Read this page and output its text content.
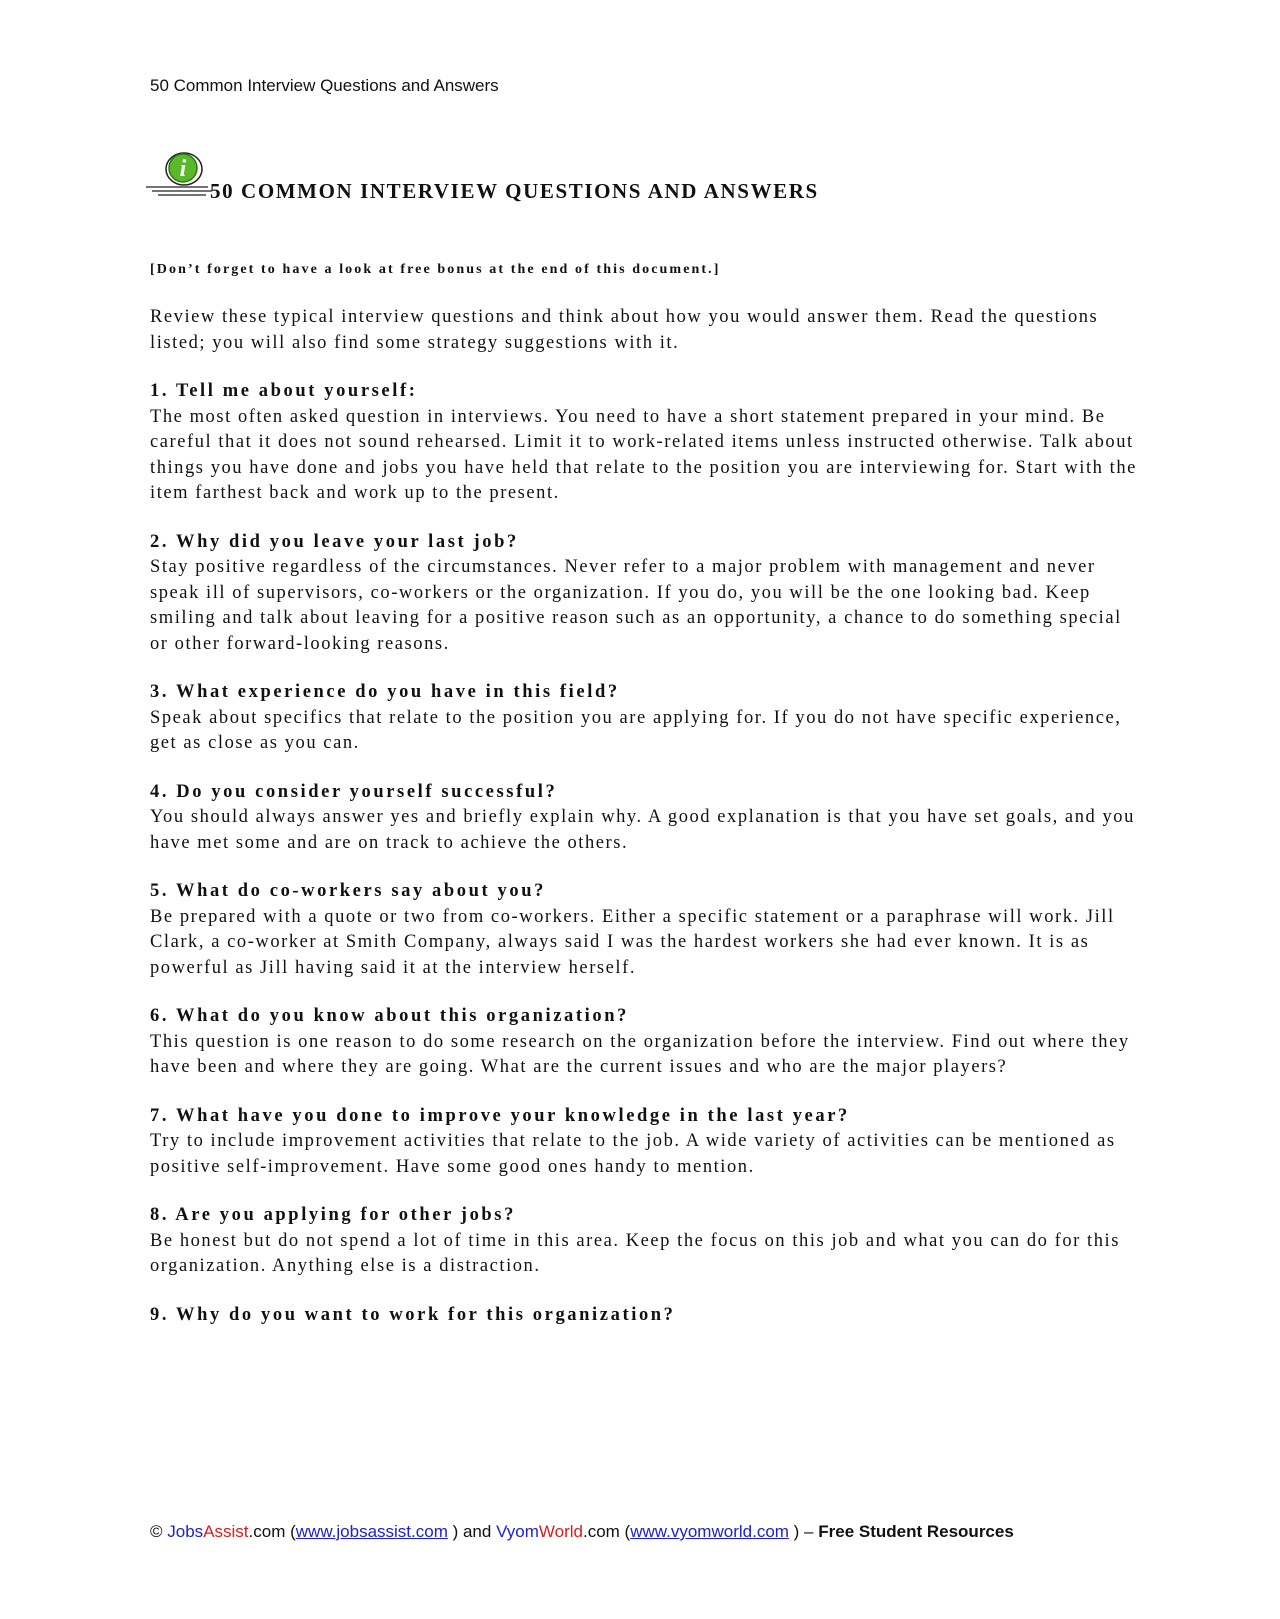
50 Common Interview Questions and Answers
i
50 COMMON INTERVIEW QUESTIONS AND ANSWERS
[Don’t forget to have a look at free bonus at the end of this document.]

Review these typical interview questions and think about how you would answer them. Read the questions listed; you will also find some strategy suggestions with it.

1. Tell me about yourself:

The most often asked question in interviews. You need to have a short statement prepared in your mind. Be careful that it does not sound rehearsed. Limit it to work-related items unless instructed otherwise. Talk about things you have done and jobs you have held that relate to the position you are interviewing for. Start with the item farthest back and work up to the present.

2. Why did you leave your last job?

Stay positive regardless of the circumstances. Never refer to a major problem with management and never speak ill of supervisors, co-workers or the organization. If you do, you will be the one looking bad. Keep smiling and talk about leaving for a positive reason such as an opportunity, a chance to do something special or other forward-looking reasons.

3. What experience do you have in this field?

Speak about specifics that relate to the position you are applying for. If you do not have specific experience, get as close as you can.

4. Do you consider yourself successful?

You should always answer yes and briefly explain why. A good explanation is that you have set goals, and you have met some and are on track to achieve the others.

5. What do co-workers say about you?

Be prepared with a quote or two from co-workers. Either a specific statement or a paraphrase will work. Jill Clark, a co-worker at Smith Company, always said I was the hardest workers she had ever known. It is as powerful as Jill having said it at the interview herself.

6. What do you know about this organization?

This question is one reason to do some research on the organization before the interview. Find out where they have been and where they are going. What are the current issues and who are the major players?

7. What have you done to improve your knowledge in the last year?

Try to include improvement activities that relate to the job. A wide variety of activities can be mentioned as positive self-improvement. Have some good ones handy to mention.

8. Are you applying for other jobs?

Be honest but do not spend a lot of time in this area. Keep the focus on this job and what you can do for this organization. Anything else is a distraction.

9. Why do you want to work for this organization?

© JobsAssist.com (www.jobsassist.com ) and VyomWorld.com (www.vyomworld.com ) – Free Student Resources
